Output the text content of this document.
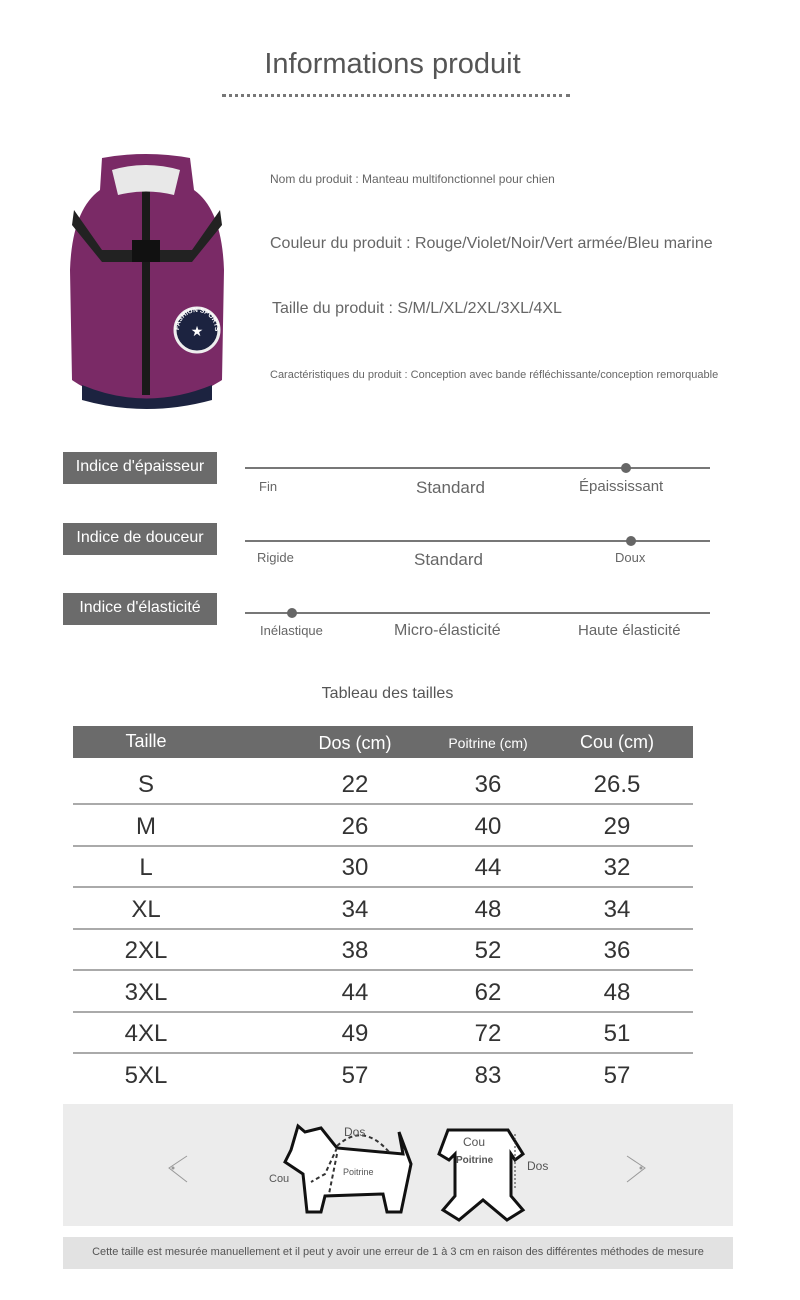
Informations produit
★
FASHION SPORTS
Nom du produit : Manteau multifonctionnel pour chien
Couleur du produit : Rouge/Violet/Noir/Vert armée/Bleu marine
Taille du produit : S/M/L/XL/2XL/3XL/4XL
Caractéristiques du produit : Conception avec bande réfléchissante/conception remorquable
Indice d'épaisseur
Fin	Standard	Épaississant
Indice de douceur
Rigide	Standard	Doux
Indice d'élasticité
Inélastique	Micro-élasticité	Haute élasticité
Tableau des tailles
Taille	Dos (cm)	Poitrine (cm)	Cou (cm)
S	22	36	26.5
M	26	40	29
L	30	44	32
XL	34	48	34
2XL	38	52	36
3XL	44	62	48
4XL	49	72	51
5XL	57	83	57
Dos
Cou
Poitrine
Cou
Poitrine	Dos
Cette taille est mesurée manuellement et il peut y avoir une erreur de 1 à 3 cm en raison des différentes méthodes de mesure
